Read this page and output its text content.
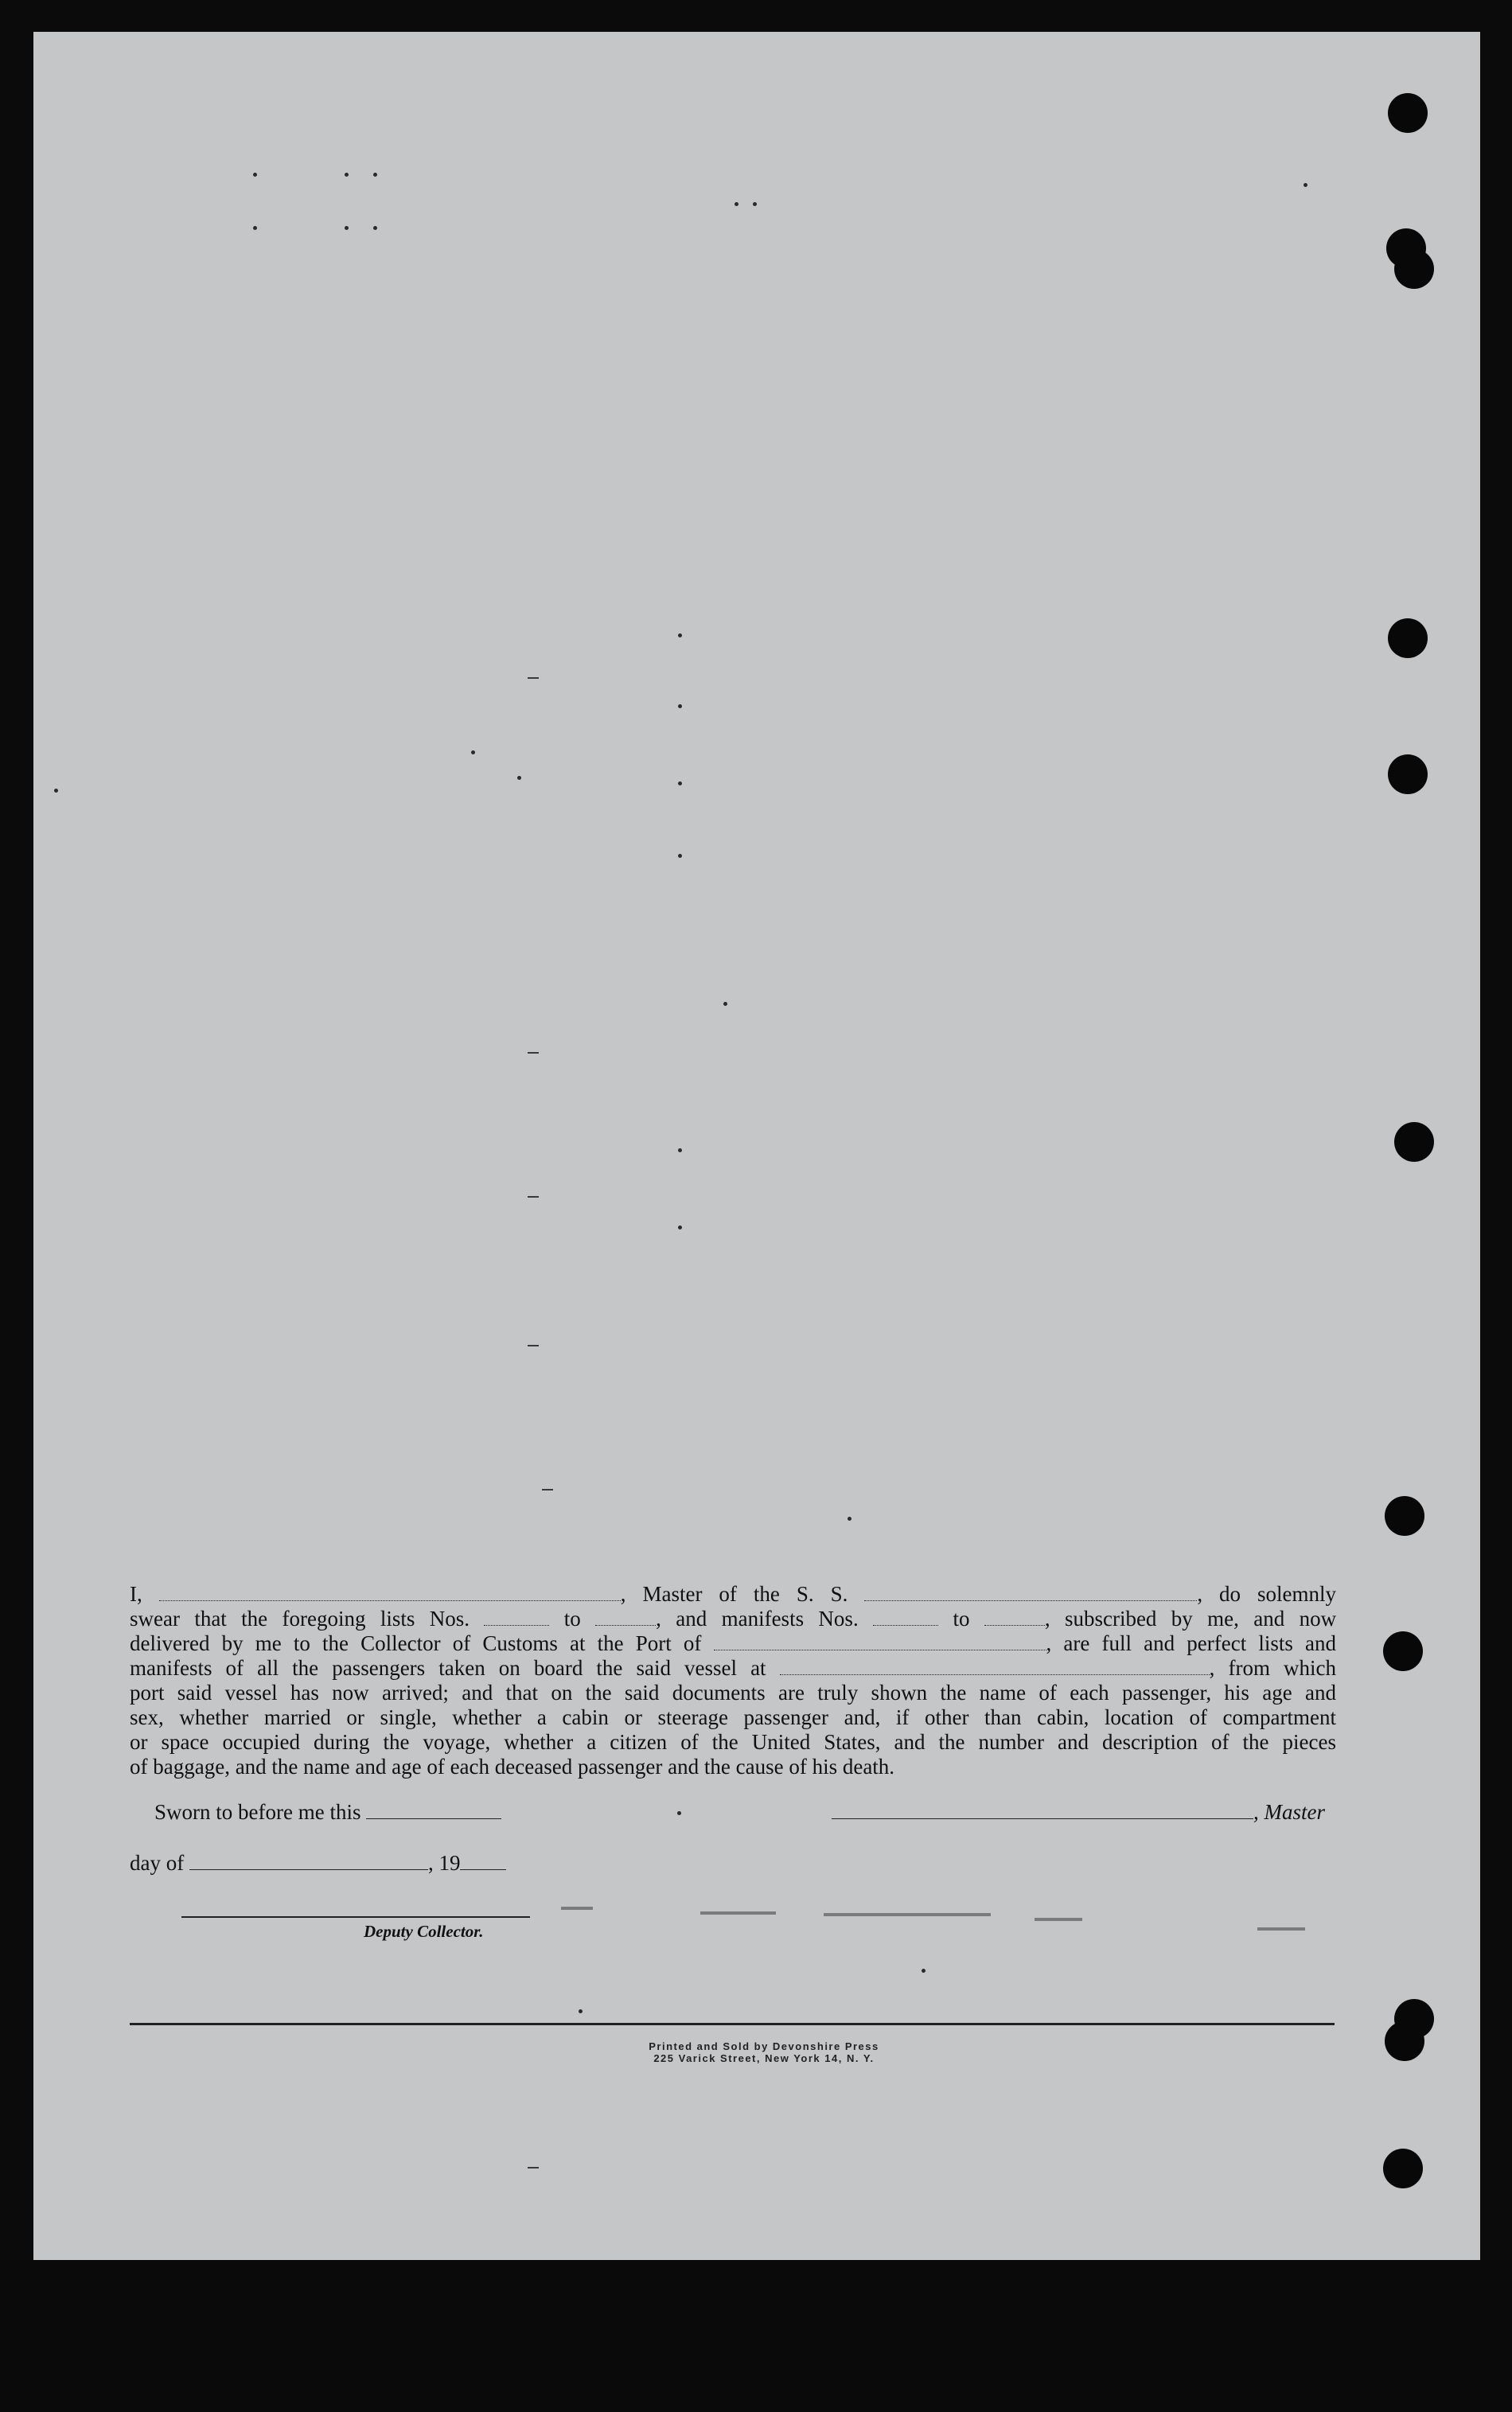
I,	, Master of the S. S.	, do solemnly
swear that the foregoing lists Nos.	to	, and manifests Nos.	to	, subscribed by me, and now
delivered by me to the Collector of Customs at the Port of	, are full and perfect lists and
manifests of all the passengers taken on board the said vessel at	, from which
port said vessel has now arrived; and that on the said documents are truly shown the name of each passenger, his age and
sex, whether married or single, whether a cabin or steerage passenger and, if other than cabin, location of compartment
or space occupied during the voyage, whether a citizen of the United States, and the number and description of the pieces
of baggage, and the name and age of each deceased passenger and the cause of his death.
Sworn to before me this	, Master
day of	, 19
Deputy Collector.
Printed and Sold by Devonshire Press
225 Varick Street, New York 14, N. Y.
